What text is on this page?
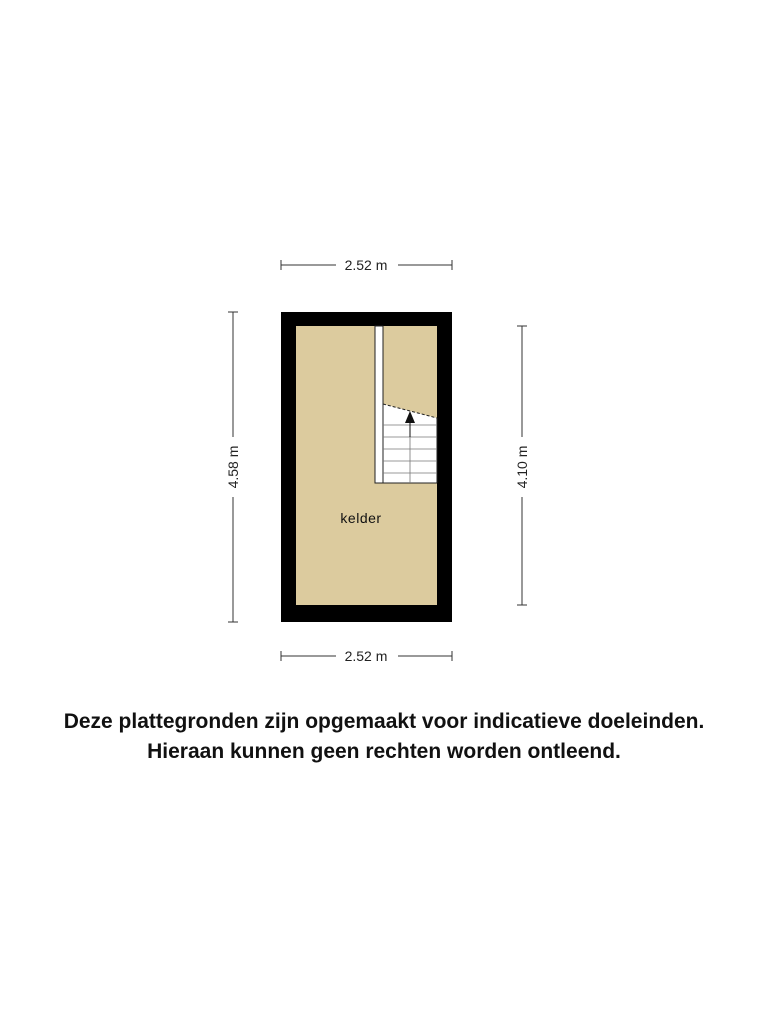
2.52 m
2.52 m
4.58 m	4.10 m
kelder
Deze plattegronden zijn opgemaakt voor indicatieve doeleinden.
Hieraan kunnen geen rechten worden ontleend.
